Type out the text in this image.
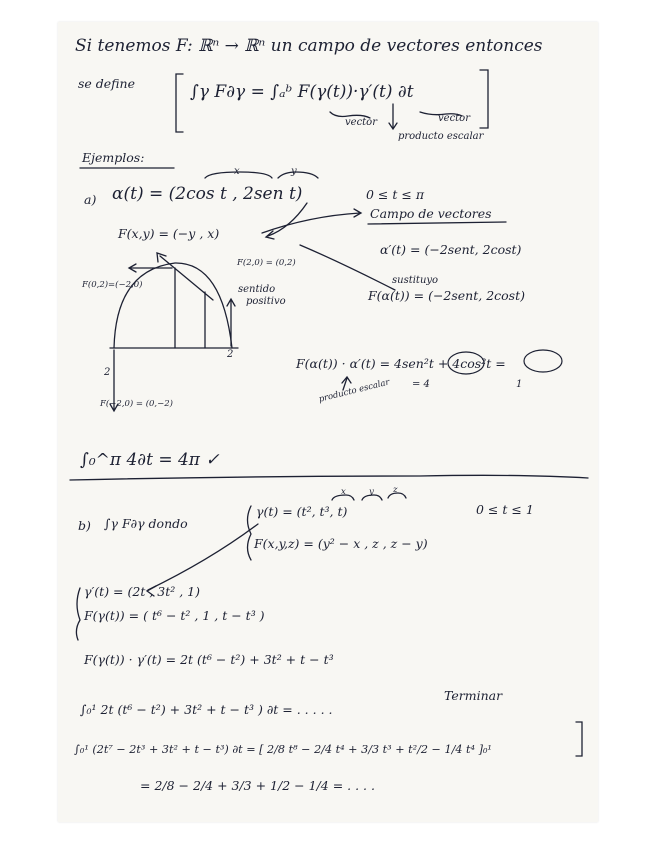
Si tenemos F: ℝⁿ → ℝⁿ un campo de vectores entonces
se define	∫γ F∂γ = ∫ₐᵇ F(γ(t))·γ′(t) ∂t
vector	vector
producto escalar
Ejemplos:
a)
x	y
α(t) = (2cos t , 2sen t)	0 ≤ t ≤ π
Campo de vectores
F(x,y) = (−y , x)
F(2,0) = (0,2)
F(0,2)=(−2,0)	sentido
positivo
α′(t) = (−2sent, 2cost)
sustituyo
F(α(t)) = (−2sent, 2cost)
2
2
F(−2,0) = (0,−2)
F(α(t)) · α′(t) = 4sen²t + 4cos²t =
= 4	1
producto escalar
∫₀^π 4∂t = 4π ✓
b) ∫γ F∂γ dondo
x	y z
γ(t) = (t², t³, t)	0 ≤ t ≤ 1
F(x,y,z) = (y² − x , z , z − y)
γ′(t) = (2t , 3t² , 1)
F(γ(t)) = ( t⁶ − t² , 1 , t − t³ )
F(γ(t)) · γ′(t) = 2t (t⁶ − t²) + 3t² + t − t³
∫₀¹ 2t (t⁶ − t²) + 3t² + t − t³ ) ∂t = . . . . .
Terminar
∫₀¹ (2t⁷ − 2t³ + 3t² + t − t³) ∂t = [ 2/8 t⁸ − 2/4 t⁴ + 3/3 t³ + t²/2 − 1/4 t⁴ ]₀¹
= 2/8 − 2/4 + 3/3 + 1/2 − 1/4 = . . . .
